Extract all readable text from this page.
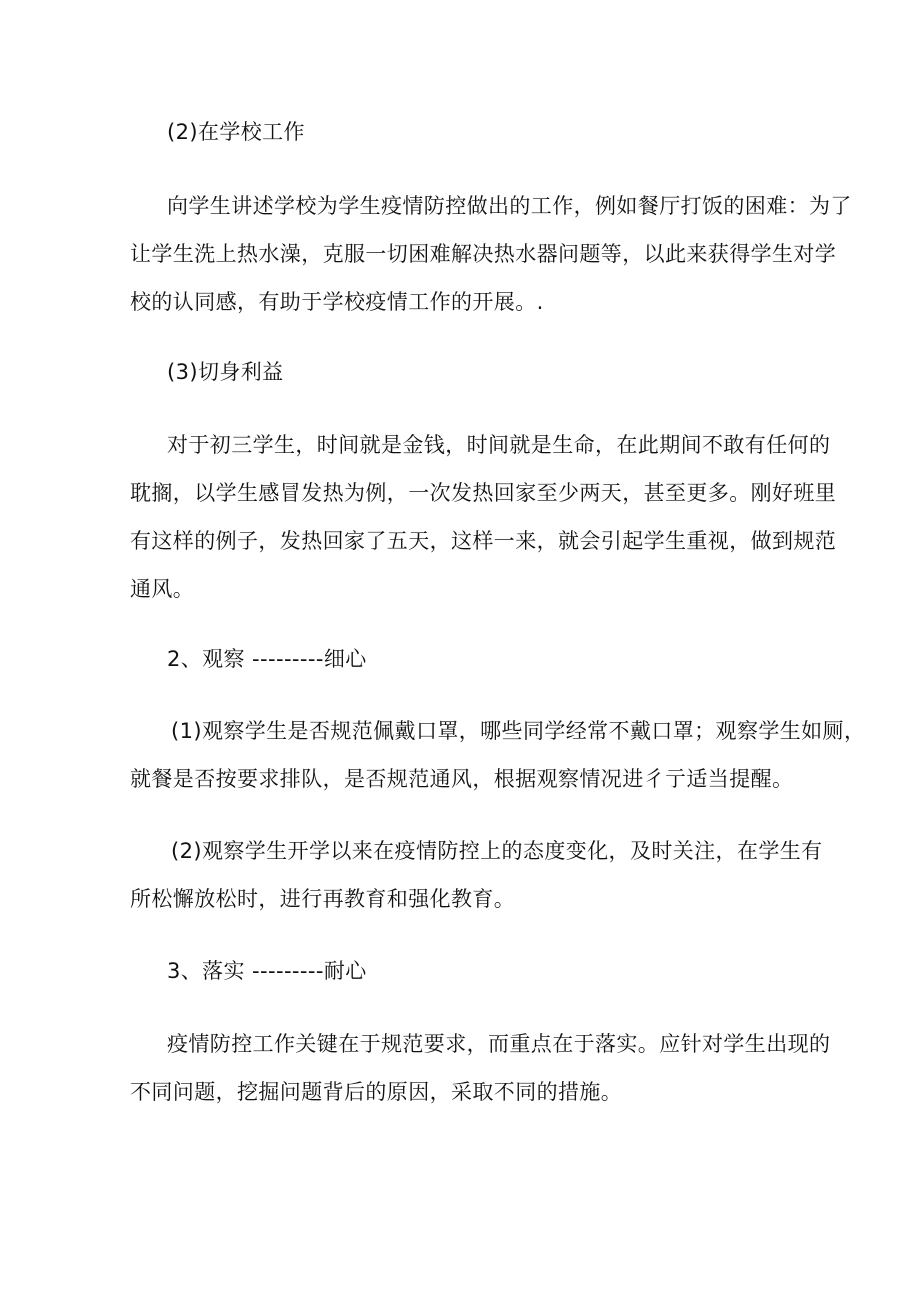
(2)在学校工作
向学生讲述学校为学生疫情防控做出的工作，例如餐厅打饭的困难：为了
让学生洗上热水澡，克服一切困难解决热水器问题等，以此来获得学生对学
校的认同感，有助于学校疫情工作的开展。.
(3)切身利益
对于初三学生，时间就是金钱，时间就是生命，在此期间不敢有任何的
耽搁，以学生感冒发热为例，一次发热回家至少两天，甚至更多。刚好班里
有这样的例子，发热回家了五天，这样一来，就会引起学生重视，做到规范
通风。
2、观察 ---------细心
(1)观察学生是否规范佩戴口罩，哪些同学经常不戴口罩；观察学生如厕，
就餐是否按要求排队，是否规范通风，根据观察情况进彳亍适当提醒。
(2)观察学生开学以来在疫情防控上的态度变化，及时关注，在学生有
所松懈放松时，进行再教育和强化教育。
3、落实 ---------耐心
疫情防控工作关键在于规范要求，而重点在于落实。应针对学生出现的
不同问题，挖掘问题背后的原因，采取不同的措施。
